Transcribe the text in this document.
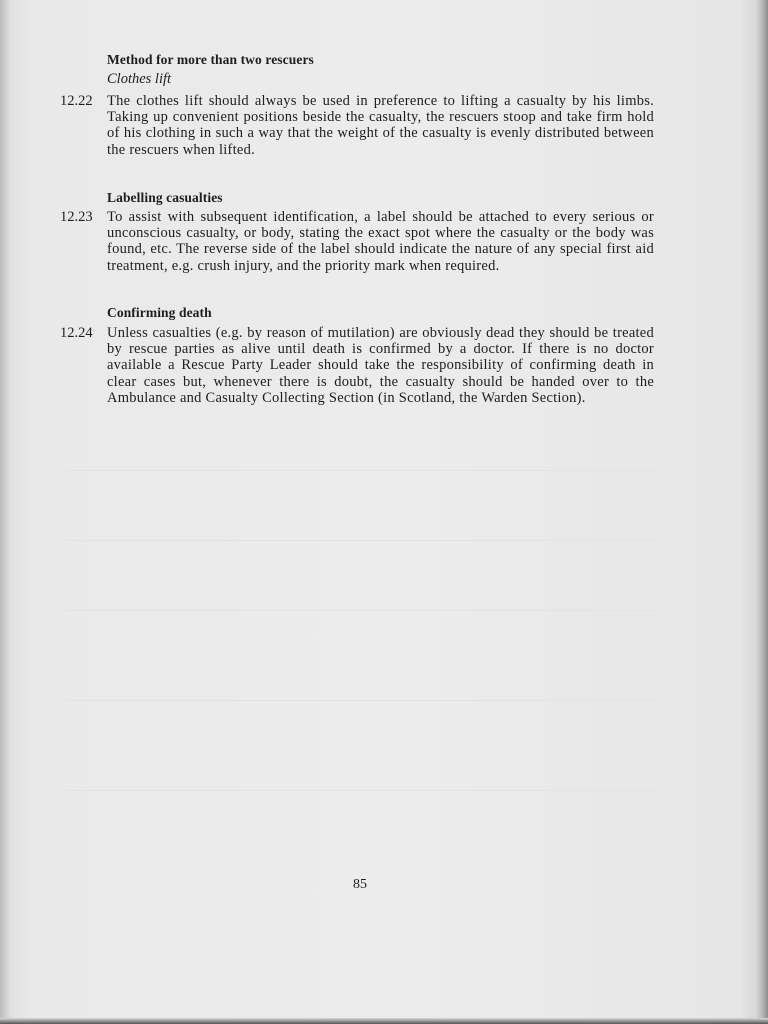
Method for more than two rescuers
Clothes lift
12.22 The clothes lift should always be used in preference to lifting a casualty by his limbs. Taking up convenient positions beside the casualty, the rescuers stoop and take firm hold of his clothing in such a way that the weight of the casualty is evenly distributed between the rescuers when lifted.
Labelling casualties
12.23 To assist with subsequent identification, a label should be attached to every serious or unconscious casualty, or body, stating the exact spot where the casualty or the body was found, etc. The reverse side of the label should indicate the nature of any special first aid treatment, e.g. crush injury, and the priority mark when required.
Confirming death
12.24 Unless casualties (e.g. by reason of mutilation) are obviously dead they should be treated by rescue parties as alive until death is confirmed by a doctor. If there is no doctor available a Rescue Party Leader should take the responsibility of confirming death in clear cases but, whenever there is doubt, the casualty should be handed over to the Ambulance and Casualty Collecting Section (in Scotland, the Warden Section).
85
